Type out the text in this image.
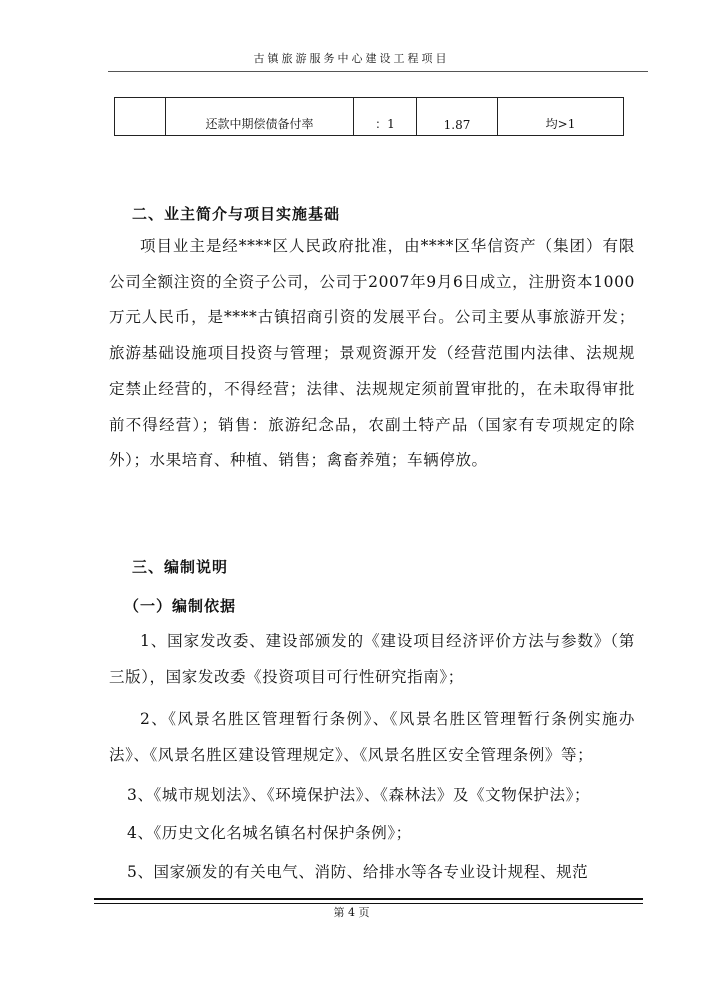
古镇旅游服务中心建设工程项目
	还款中期偿债备付率	：1	1.87	均>1
二、业主简介与项目实施基础
项目业主是经****区人民政府批准，由****区华信资产（集团）有限公司全额注资的全资子公司，公司于2007年9月6日成立，注册资本1000万元人民币，是****古镇招商引资的发展平台。公司主要从事旅游开发；旅游基础设施项目投资与管理；景观资源开发（经营范围内法律、法规规定禁止经营的，不得经营；法律、法规规定须前置审批的，在未取得审批前不得经营）；销售：旅游纪念品，农副土特产品（国家有专项规定的除外）；水果培育、种植、销售；禽畜养殖；车辆停放。
三、编制说明
（一）编制依据
1、国家发改委、建设部颁发的《建设项目经济评价方法与参数》（第三版），国家发改委《投资项目可行性研究指南》；
2、《风景名胜区管理暂行条例》、《风景名胜区管理暂行条例实施办法》、《风景名胜区建设管理规定》、《风景名胜区安全管理条例》等；
3、《城市规划法》、《环境保护法》、《森林法》及《文物保护法》；
4、《历史文化名城名镇名村保护条例》；
5、国家颁发的有关电气、消防、给排水等各专业设计规程、规范
第 4 页
